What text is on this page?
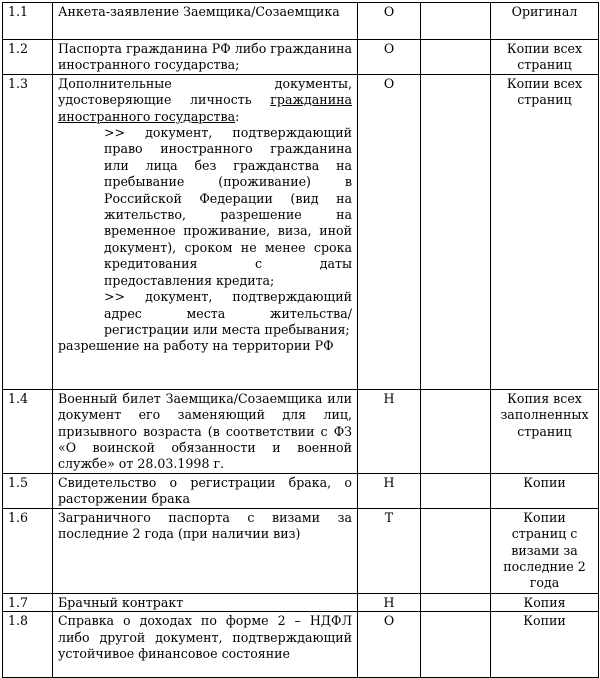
1.1	Анкета-заявление Заемщика/Созаемщика	О		Оригинал
1.2	Паспорта гражданина РФ либо гражданина иностранного государства;	О		Копии всех страниц
1.3	Дополнительные документы, удостоверяющие личность гражданина иностранного государства:
>> документ, подтверждающий право иностранного гражданина или лица без гражданства на пребывание (проживание) в Российской Федерации (вид на жительство, разрешение на временное проживание, виза, иной документ), сроком не менее срока кредитования с даты предоставления кредита;
>> документ, подтверждающий адрес места жительства/регистрации или места пребывания;
разрешение на работу на территории РФ	О		Копии всех страниц
1.4	Военный билет Заемщика/Созаемщика или документ его заменяющий для лиц, призывного возраста (в соответствии с ФЗ «О воинской обязанности и военной службе» от 28.03.1998 г.	Н		Копия всех заполненных страниц
1.5	Свидетельство о регистрации брака, о расторжении брака	Н		Копии
1.6	Заграничного паспорта с визами за последние 2 года (при наличии виз)	Т		Копии страниц с визами за последние 2 года
1.7	Брачный контракт	Н		Копия
1.8	Справка о доходах по форме 2 – НДФЛ либо другой документ, подтверждающий устойчивое финансовое состояние	О		Копии
